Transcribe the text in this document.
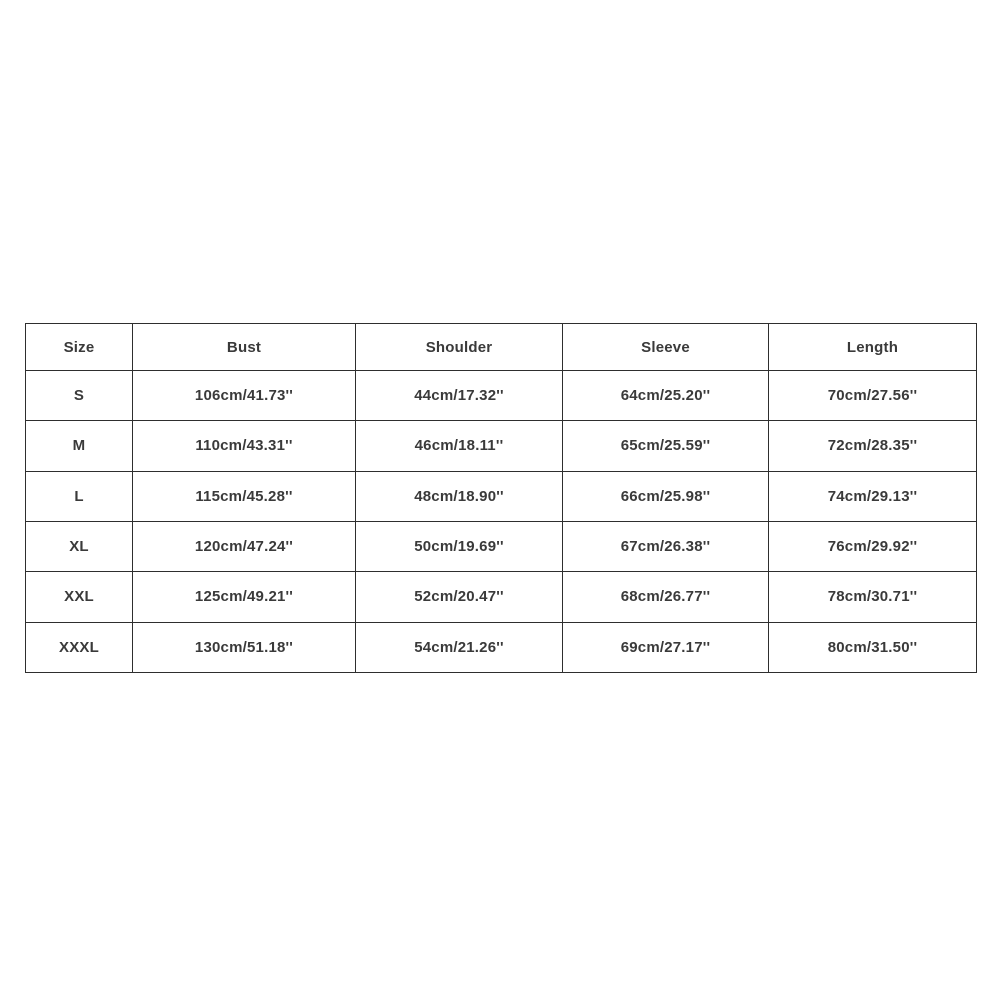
Size	Bust	Shoulder	Sleeve	Length
S	106cm/41.73''	44cm/17.32''	64cm/25.20''	70cm/27.56''
M	110cm/43.31''	46cm/18.11''	65cm/25.59''	72cm/28.35''
L	115cm/45.28''	48cm/18.90''	66cm/25.98''	74cm/29.13''
XL	120cm/47.24''	50cm/19.69''	67cm/26.38''	76cm/29.92''
XXL	125cm/49.21''	52cm/20.47''	68cm/26.77''	78cm/30.71''
XXXL	130cm/51.18''	54cm/21.26''	69cm/27.17''	80cm/31.50''
